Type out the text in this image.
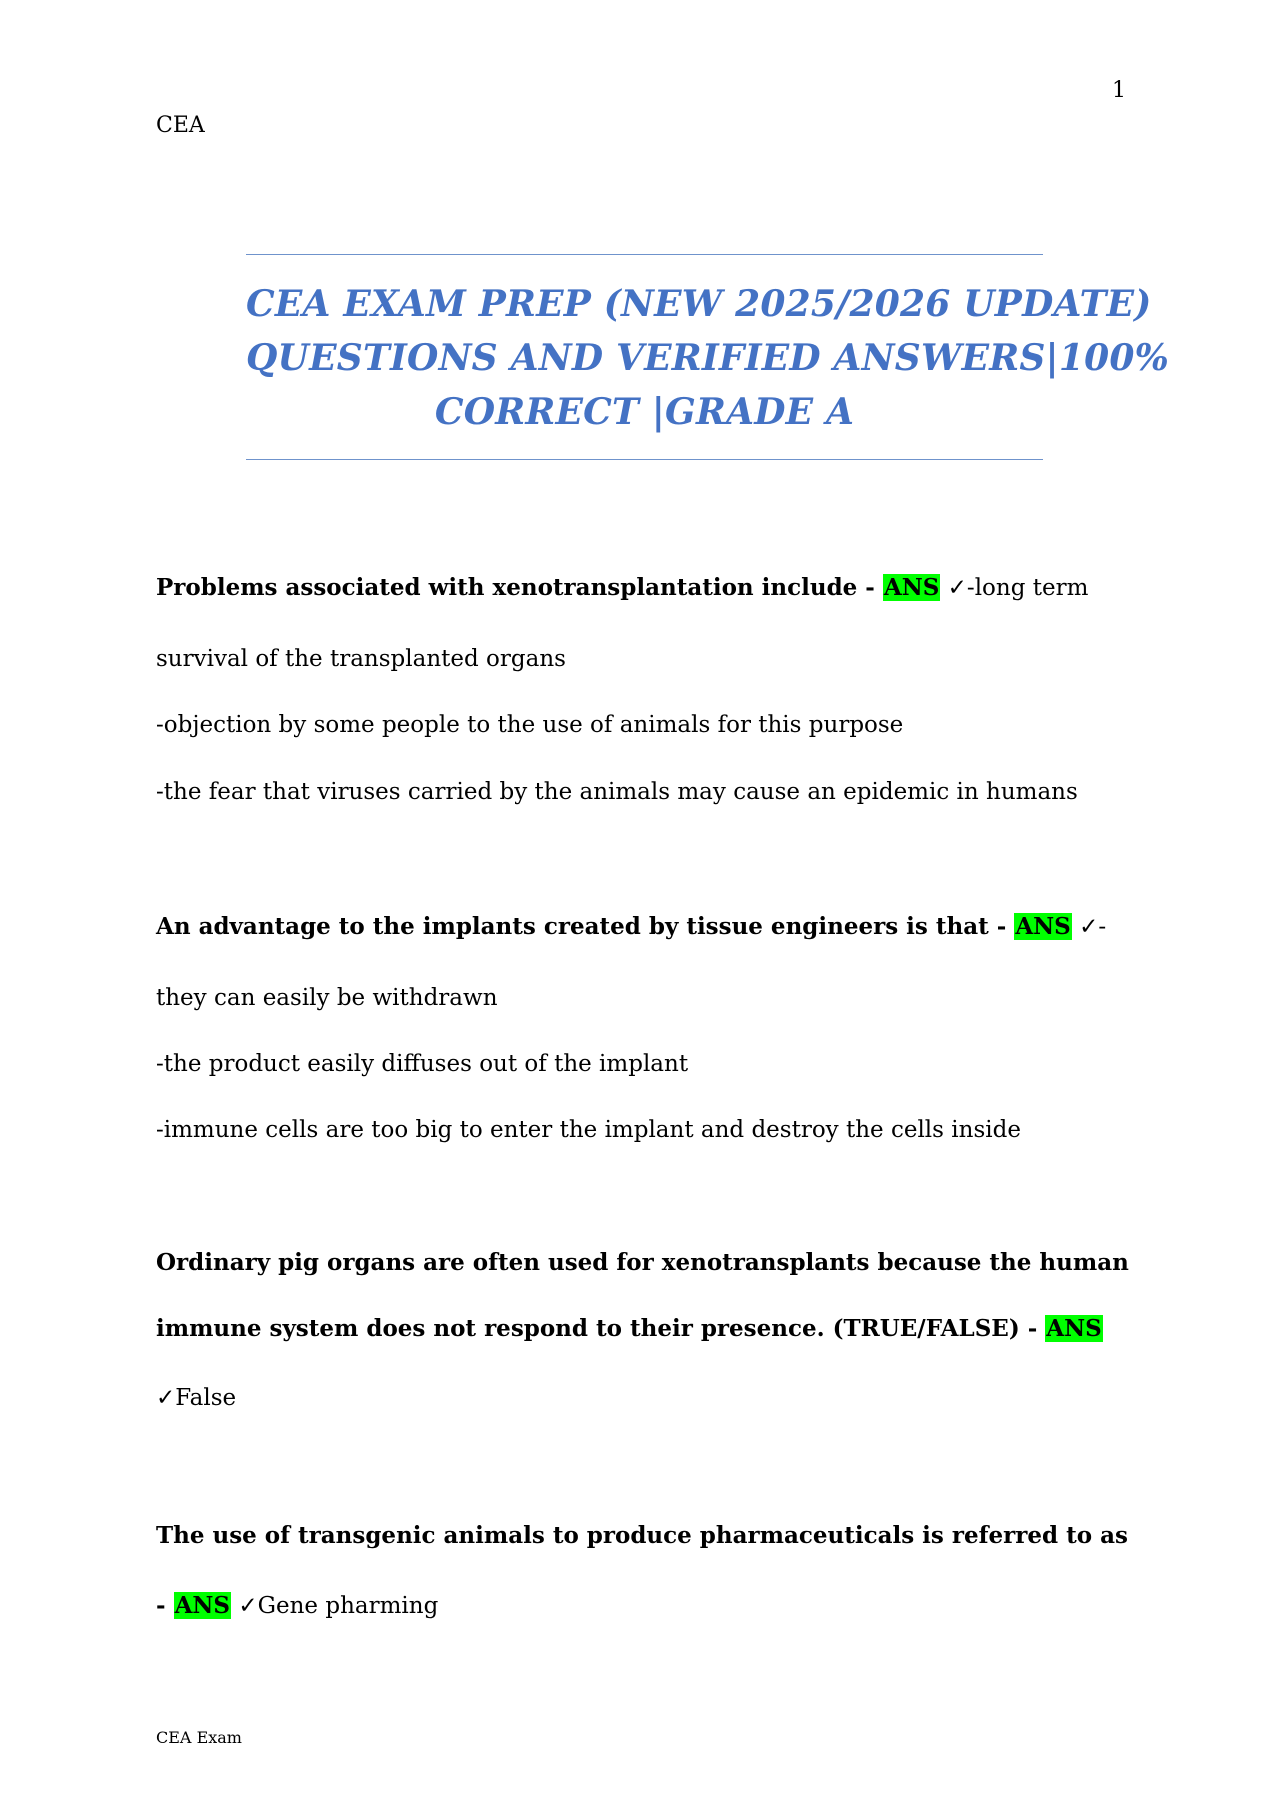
1
CEA
CEA EXAM PREP (NEW 2025/2026 UPDATE)
QUESTIONS AND VERIFIED ANSWERS|100%
CORRECT |GRADE A
Problems associated with xenotransplantation include - ANS ✓-long term
survival of the transplanted organs
-objection by some people to the use of animals for this purpose
-the fear that viruses carried by the animals may cause an epidemic in humans
An advantage to the implants created by tissue engineers is that - ANS ✓-
they can easily be withdrawn
-the product easily diffuses out of the implant
-immune cells are too big to enter the implant and destroy the cells inside
Ordinary pig organs are often used for xenotransplants because the human
immune system does not respond to their presence. (TRUE/FALSE) - ANS
✓False
The use of transgenic animals to produce pharmaceuticals is referred to as
- ANS ✓Gene pharming
CEA Exam
